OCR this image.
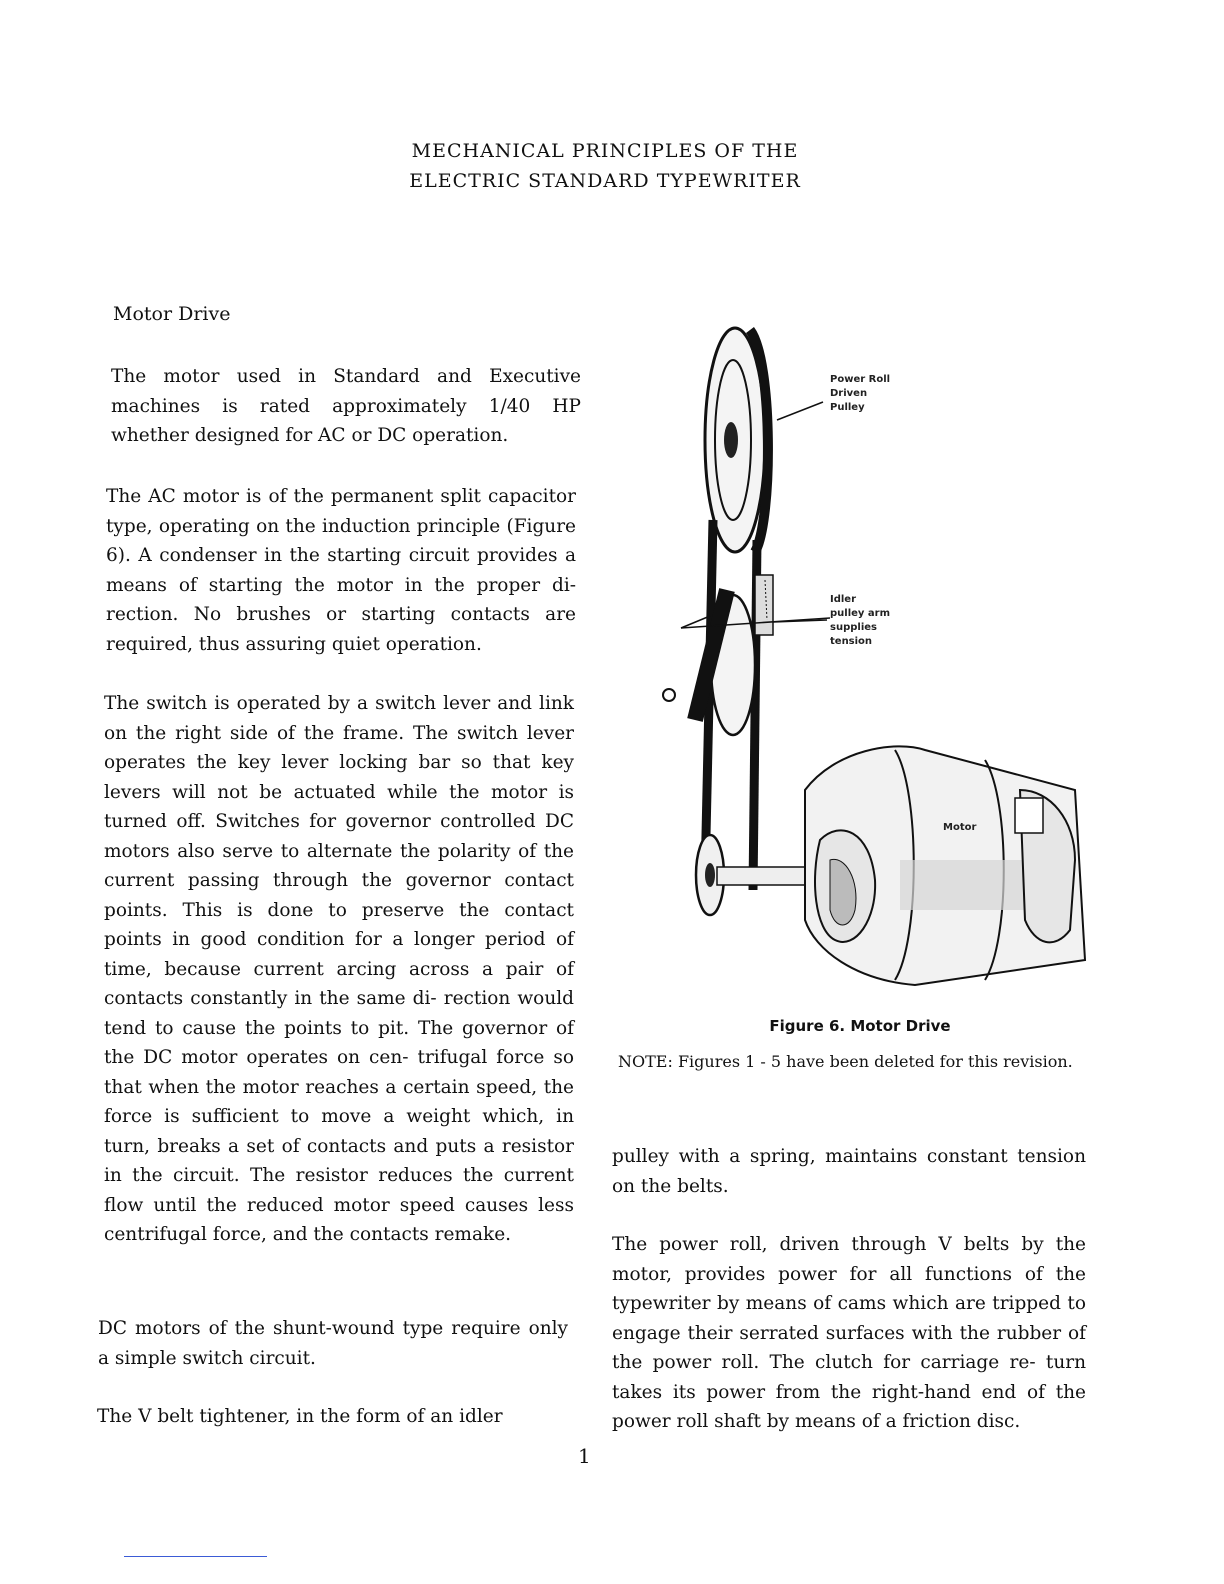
MECHANICAL PRINCIPLES OF THE
ELECTRIC STANDARD TYPEWRITER
Motor Drive

The motor used in Standard and Executive machines is rated approximately 1/40 HP whether designed for AC or DC operation.

The AC motor is of the permanent split capacitor type, operating on the induction principle (Figure 6). A condenser in the starting circuit provides a means of starting the motor in the proper di- rection. No brushes or starting contacts are required, thus assuring quiet operation.

The switch is operated by a switch lever and link on the right side of the frame. The switch lever operates the key lever locking bar so that key levers will not be actuated while the motor is turned off. Switches for governor controlled DC motors also serve to alternate the polarity of the current passing through the governor contact points. This is done to preserve the contact points in good condition for a longer period of time, because current arcing across a pair of contacts constantly in the same di- rection would tend to cause the points to pit. The governor of the DC motor operates on cen- trifugal force so that when the motor reaches a certain speed, the force is sufficient to move a weight which, in turn, breaks a set of contacts and puts a resistor in the circuit. The resistor reduces the current flow until the reduced motor speed causes less centrifugal force, and the contacts remake.

DC motors of the shunt-wound type require only a simple switch circuit.

The V belt tightener, in the form of an idler

Power Roll
Driven
Pulley
Idler
pulley arm
supplies
tension
Motor
Figure 6. Motor Drive
NOTE: Figures 1 - 5 have been deleted for this revision.

pulley with a spring, maintains constant tension on the belts.

The power roll, driven through V belts by the motor, provides power for all functions of the typewriter by means of cams which are tripped to engage their serrated surfaces with the rubber of the power roll. The clutch for carriage re- turn takes its power from the right-hand end of the power roll shaft by means of a friction disc.

1
